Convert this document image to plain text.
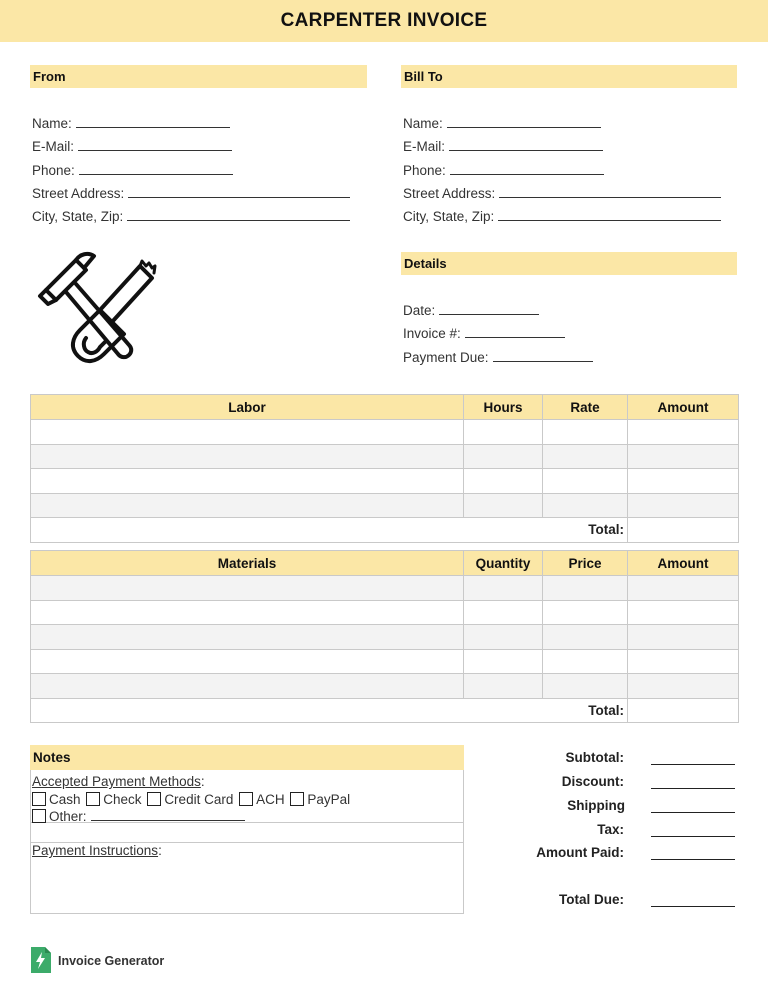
CARPENTER INVOICE
From
Name:
E-Mail:
Phone:
Street Address:
City, State, Zip:
Bill To
Name:
E-Mail:
Phone:
Street Address:
City, State, Zip:
Details
Date:
Invoice #:
Payment Due:
Labor	Hours	Rate	Amount

Total:			
Materials	Quantity	Price	Amount

Total:			
Notes
Accepted Payment Methods:
Cash Check Credit Card ACH PayPal
Other:
Payment Instructions:
Subtotal:
Discount:
Shipping
Tax:
Amount Paid:
Total Due:
Invoice Generator
